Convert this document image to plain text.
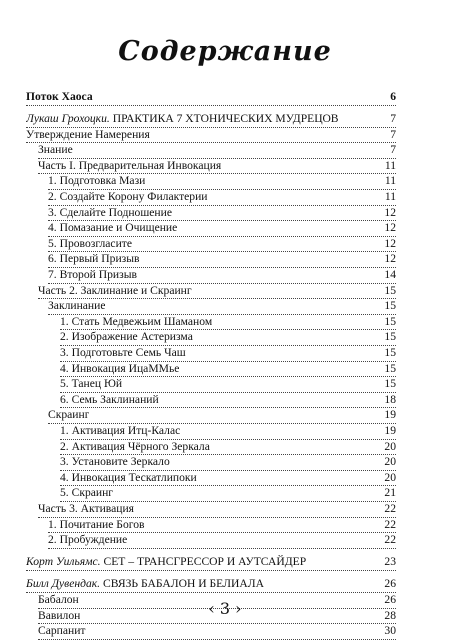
Содержание
Поток Хаоса	6
Лукаш Грохоцки. ПРАКТИКА 7 ХТОНИЧЕСКИХ МУДРЕЦОВ	7
Утверждение Намерения	7
Знание	7
Часть I. Предварительная Инвокация	11
1. Подготовка Мази	11
2. Создайте Корону Филактерии	11
3. Сделайте Подношение	12
4. Помазание и Очищение	12
5. Провозгласите	12
6. Первый Призыв	12
7. Второй Призыв	14
Часть 2. Заклинание и Скраинг	15
Заклинание	15
1. Стать Медвежьим Шаманом	15
2. Изображение Астеризма	15
3. Подготовьте Семь Чаш	15
4. Инвокация ИцаММье	15
5. Танец Юй	15
6. Семь Заклинаний	18
Скраинг	19
1. Активация Итц-Калас	19
2. Активация Чёрного Зеркала	20
3. Установите Зеркало	20
4. Инвокация Тескатлипоки	20
5. Скраинг	21
Часть 3. Активация	22
1. Почитание Богов	22
2. Пробуждение	22
Корт Уильямс. СЕТ – ТРАНСГРЕССОР И АУТСАЙДЕР	23
Билл Дувендак. СВЯЗЬ БАБАЛОН И БЕЛИАЛА	26
Бабалон	26
Вавилон	28
Сарпанит	30
‹ 3 ›
